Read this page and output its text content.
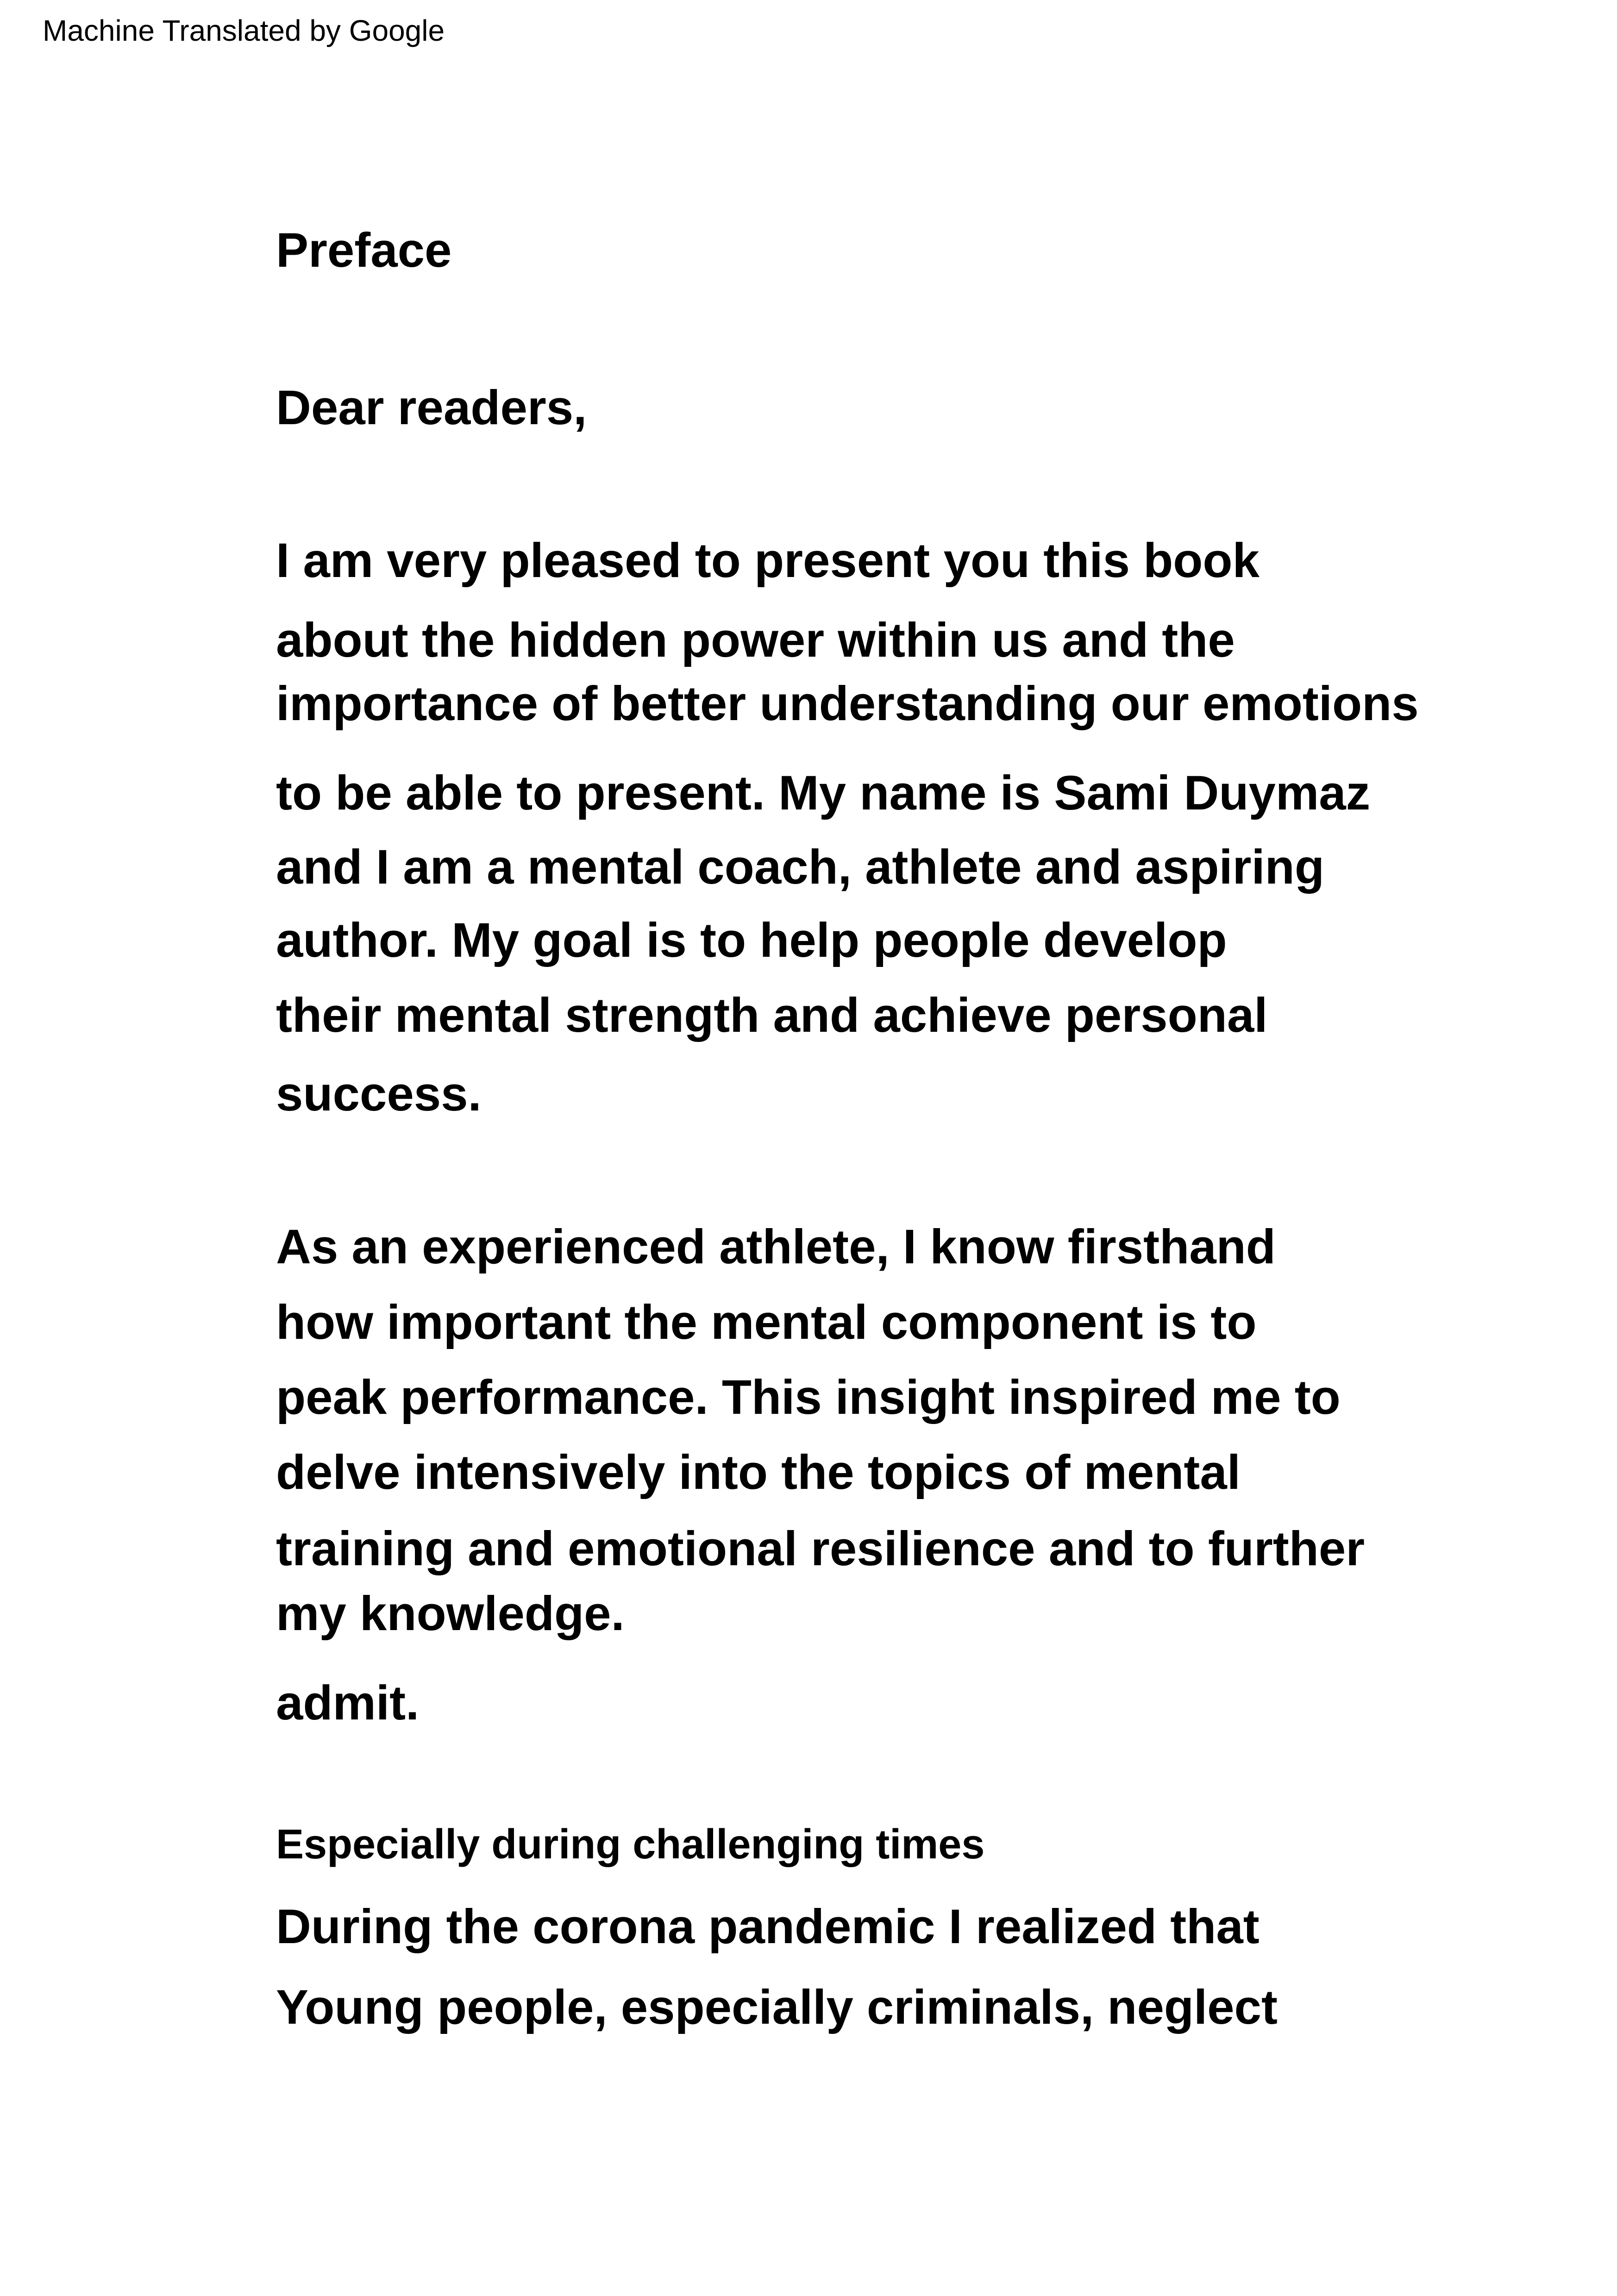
Machine Translated by Google
Preface
Dear readers,
I am very pleased to present you this book
about the hidden power within us and the
importance of better understanding our emotions
to be able to present. My name is Sami Duymaz
and I am a mental coach, athlete and aspiring
author. My goal is to help people develop
their mental strength and achieve personal
success.
As an experienced athlete, I know firsthand
how important the mental component is to
peak performance. This insight inspired me to
delve intensively into the topics of mental
training and emotional resilience and to further
my knowledge.
admit.
Especially during challenging times
During the corona pandemic I realized that
Young people, especially criminals, neglect
